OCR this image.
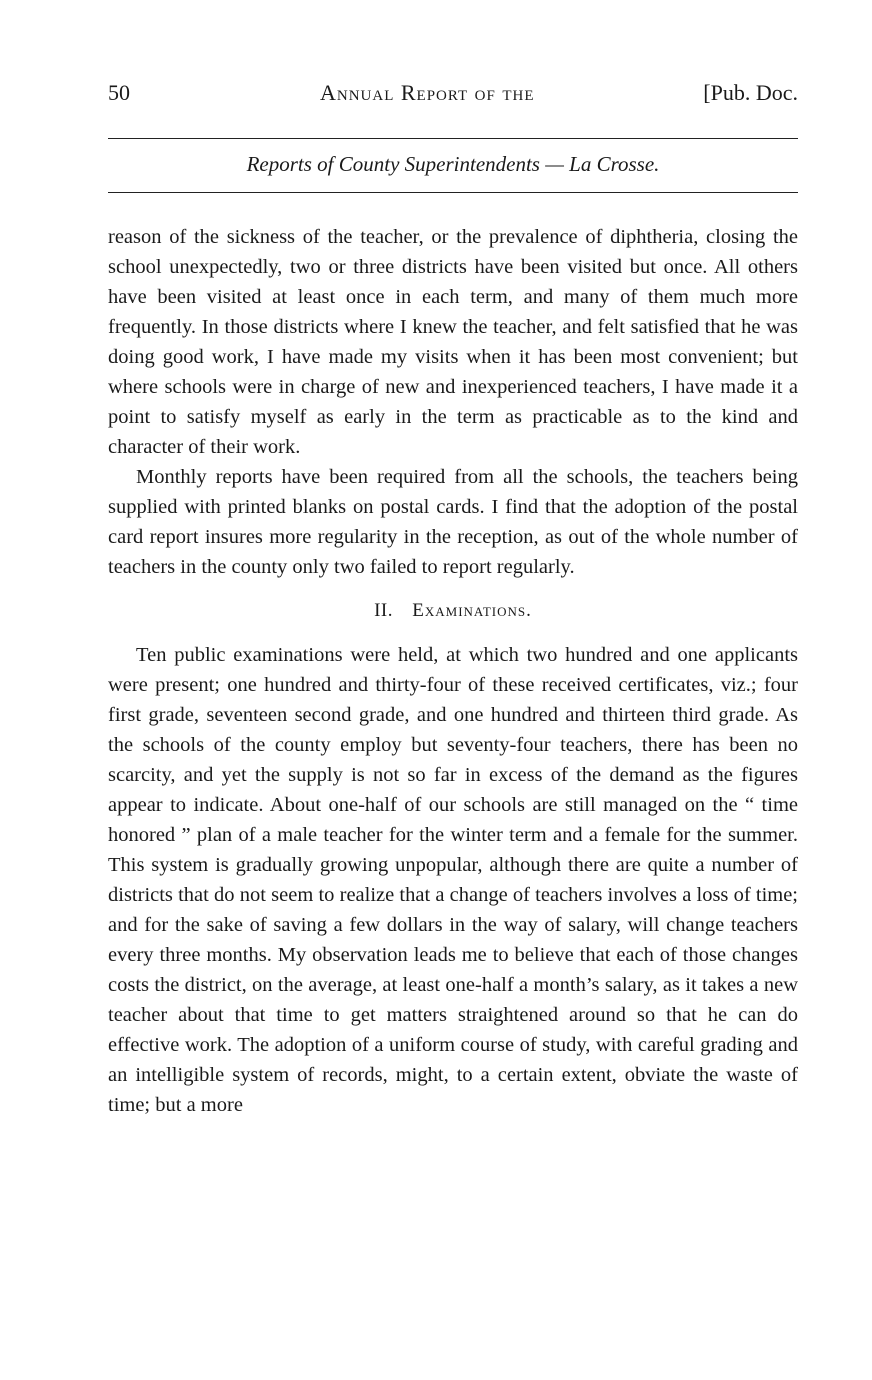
50	Annual Report of the	[Pub. Doc.
Reports of County Superintendents — La Crosse.

reason of the sickness of the teacher, or the prevalence of diphtheria, closing the school unexpectedly, two or three districts have been visited but once. All others have been visited at least once in each term, and many of them much more frequently. In those districts where I knew the teacher, and felt satisfied that he was doing good work, I have made my visits when it has been most convenient; but where schools were in charge of new and inexperienced teachers, I have made it a point to satisfy myself as early in the term as practicable as to the kind and character of their work.

Monthly reports have been required from all the schools, the teachers being supplied with printed blanks on postal cards. I find that the adoption of the postal card report insures more regularity in the reception, as out of the whole number of teachers in the county only two failed to report regularly.

II. Examinations.

Ten public examinations were held, at which two hundred and one applicants were present; one hundred and thirty-four of these received certificates, viz.; four first grade, seventeen second grade, and one hundred and thirteen third grade. As the schools of the county employ but seventy-four teachers, there has been no scarcity, and yet the supply is not so far in excess of the demand as the figures appear to indicate. About one-half of our schools are still managed on the “ time honored ” plan of a male teacher for the winter term and a female for the summer. This system is gradually growing unpopular, although there are quite a number of districts that do not seem to realize that a change of teachers involves a loss of time; and for the sake of saving a few dollars in the way of salary, will change teachers every three months. My observation leads me to believe that each of those changes costs the district, on the average, at least one-half a month’s salary, as it takes a new teacher about that time to get matters straightened around so that he can do effective work. The adoption of a uniform course of study, with careful grading and an intelligible system of records, might, to a certain extent, obviate the waste of time; but a more
